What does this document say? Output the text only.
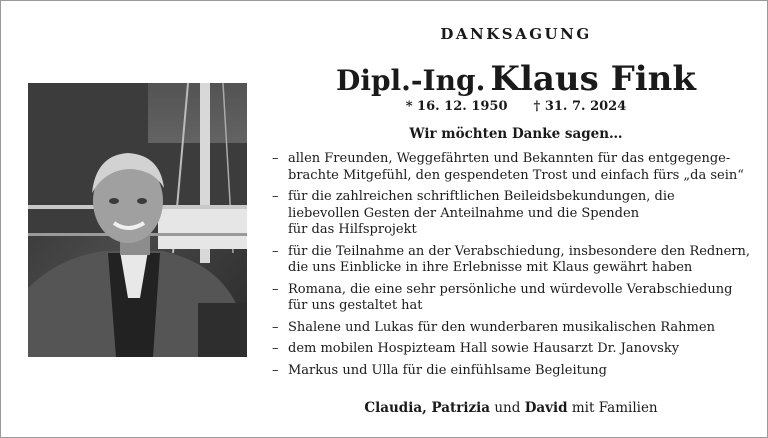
DANKSAGUNG
Dipl.-Ing. Klaus Fink
* 16. 12. 1950 † 31. 7. 2024
Wir möchten Danke sagen…
– allen Freunden, Weggefährten und Bekannten für das entgegenge-
brachte Mitgefühl, den gespendeten Trost und einfach fürs „da sein“
– für die zahlreichen schriftlichen Beileidsbekundungen, die
liebevollen Gesten der Anteilnahme und die Spenden
für das Hilfsprojekt
– für die Teilnahme an der Verabschiedung, insbesondere den Rednern,
die uns Einblicke in ihre Erlebnisse mit Klaus gewährt haben
– Romana, die eine sehr persönliche und würdevolle Verabschiedung
für uns gestaltet hat
– Shalene und Lukas für den wunderbaren musikalischen Rahmen
– dem mobilen Hospizteam Hall sowie Hausarzt Dr. Janovsky
– Markus und Ulla für die einfühlsame Begleitung
Claudia, Patrizia und David mit Familien
